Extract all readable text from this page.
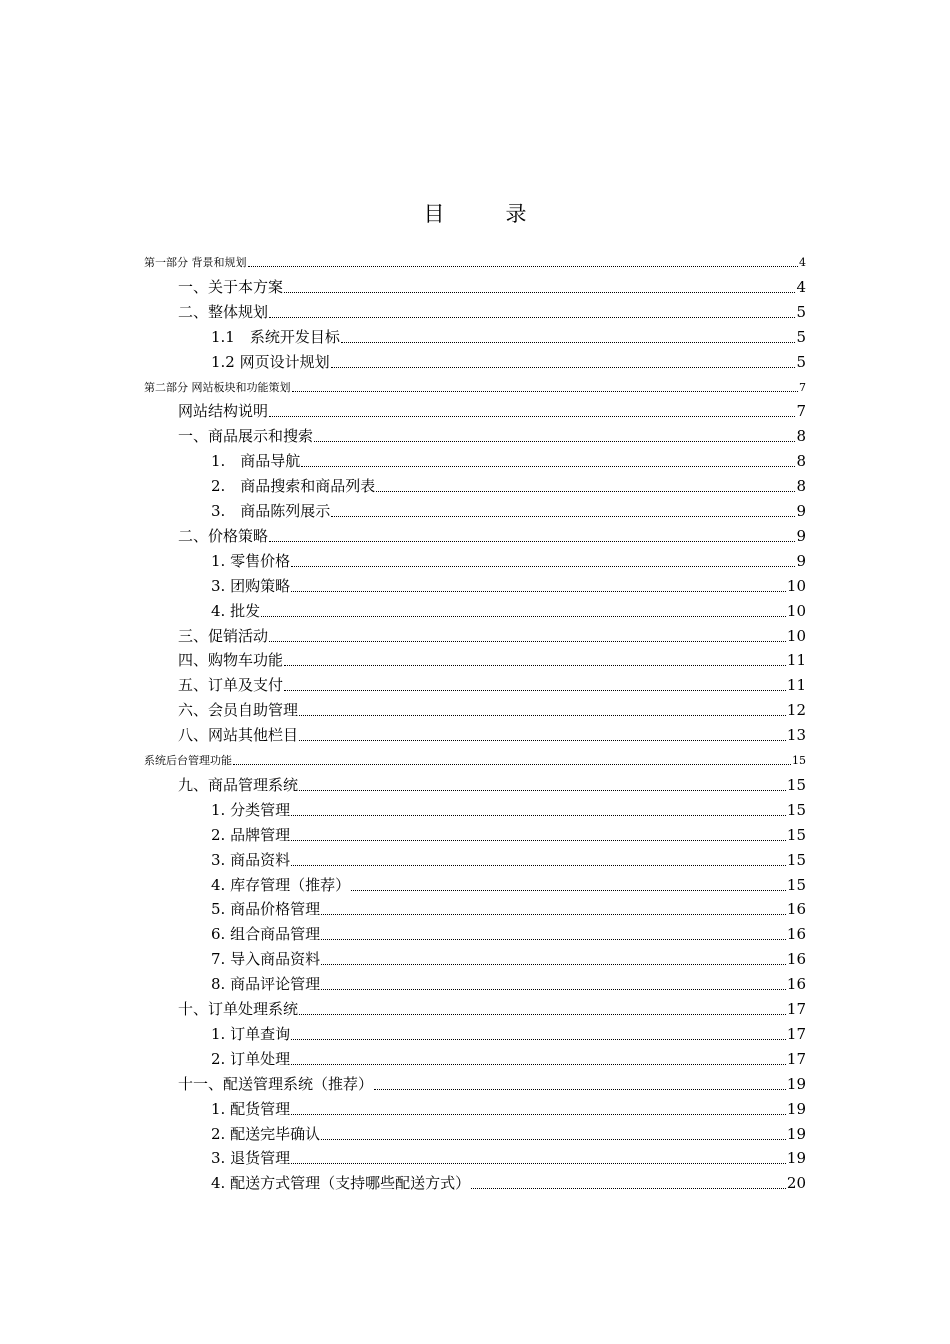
目　录
第一部分 背景和规划	4
一、关于本方案	4
二、整体规划	5
1.1　系统开发目标	5
1.2 网页设计规划	5
第二部分 网站板块和功能策划	7
网站结构说明	7
一、商品展示和搜索	8
1.　商品导航	8
2.　商品搜索和商品列表	8
3.　商品陈列展示	9
二、价格策略	9
1. 零售价格	9
3. 团购策略	10
4. 批发	10
三、促销活动	10
四、购物车功能	11
五、订单及支付	11
六、会员自助管理	12
八、网站其他栏目	13
系统后台管理功能	15
九、商品管理系统	15
1. 分类管理	15
2. 品牌管理	15
3. 商品资料	15
4. 库存管理（推荐）	15
5. 商品价格管理	16
6. 组合商品管理	16
7. 导入商品资料	16
8. 商品评论管理	16
十、订单处理系统	17
1. 订单查询	17
2. 订单处理	17
十一、配送管理系统（推荐）	19
1. 配货管理	19
2. 配送完毕确认	19
3. 退货管理	19
4. 配送方式管理（支持哪些配送方式）	20
